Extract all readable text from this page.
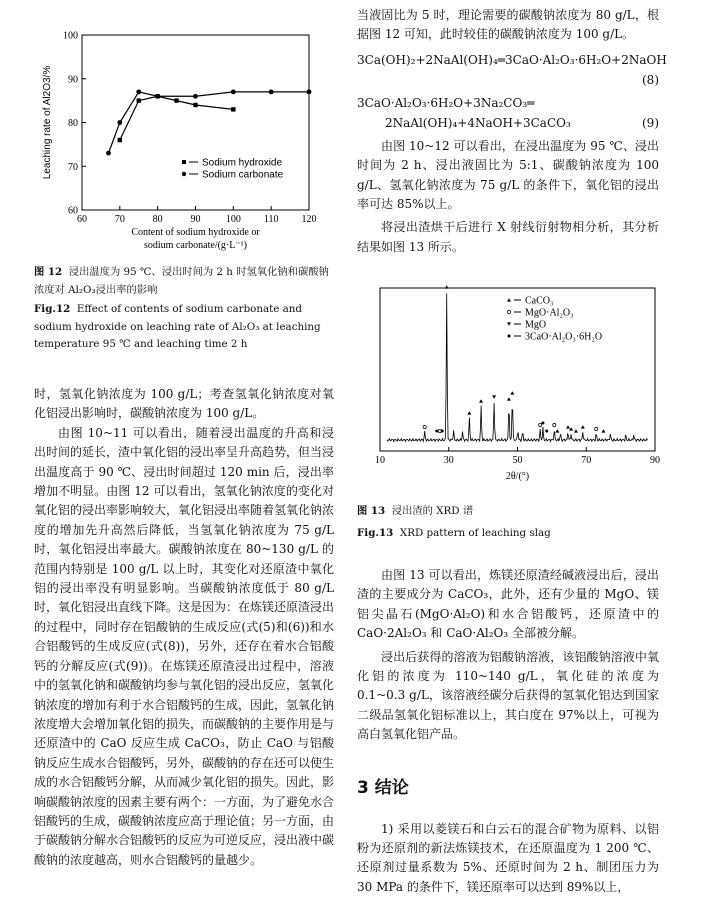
60	70	80	90	100 110 120
60
70
80
90
100
Sodium hydroxide
Sodium carbonate
Leaching rate of Al2O3/%
Content of sodium hydroxide or
sodium carbonate/(g·L⁻¹)

图 12 浸出温度为 95 ℃、浸出时间为 2 h 时氢氧化钠和碳酸钠浓度对 Al₂O₃浸出率的影响

Fig.12 Effect of contents of sodium carbonate and sodium hydroxide on leaching rate of Al₂O₃ at leaching temperature 95 ℃ and leaching time 2 h

时，氢氧化钠浓度为 100 g/L；考查氢氧化钠浓度对氧化铝浸出影响时，碳酸钠浓度为 100 g/L。

由图 10~11 可以看出，随着浸出温度的升高和浸出时间的延长，渣中氧化铝的浸出率呈升高趋势，但当浸出温度高于 90 ℃、浸出时间超过 120 min 后，浸出率增加不明显。由图 12 可以看出，氢氧化钠浓度的变化对氧化铝的浸出率影响较大，氧化铝浸出率随着氢氧化钠浓度的增加先升高然后降低，当氢氧化钠浓度为 75 g/L 时，氧化铝浸出率最大。碳酸钠浓度在 80~130 g/L 的范围内特别是 100 g/L 以上时，其变化对还原渣中氧化铝的浸出率没有明显影响。当碳酸钠浓度低于 80 g/L 时，氧化铝浸出直线下降。这是因为：在炼镁还原渣浸出的过程中，同时存在铝酸钠的生成反应(式(5)和(6))和水合铝酸钙的生成反应(式(8))，另外，还存在着水合铝酸钙的分解反应(式(9))。在炼镁还原渣浸出过程中，溶液中的氢氧化钠和碳酸钠均参与氧化铝的浸出反应，氢氧化钠浓度的增加有利于水合铝酸钙的生成，因此，氢氧化钠浓度增大会增加氧化铝的损失，而碳酸钠的主要作用是与还原渣中的 CaO 反应生成 CaCO₃，防止 CaO 与铝酸钠反应生成水合铝酸钙，另外，碳酸钠的存在还可以使生成的水合铝酸钙分解，从而减少氧化铝的损失。因此，影响碳酸钠浓度的因素主要有两个：一方面，为了避免水合铝酸钙的生成，碳酸钠浓度应高于理论值；另一方面，由于碳酸钠分解水合铝酸钙的反应为可逆反应，浸出液中碳酸钠的浓度越高，则水合铝酸钙的量越少。

当液固比为 5 时，理论需要的碳酸钠浓度为 80 g/L，根据图 12 可知，此时较佳的碳酸钠浓度为 100 g/L。

3Ca(OH)₂+2NaAl(OH)₄═3CaO·Al₂O₃·6H₂O+2NaOH

(8)

3CaO·Al₂O₃·6H₂O+3Na₂CO₃═

2NaAl(OH)₄+4NaOH+3CaCO₃	(9)

由图 10~12 可以看出，在浸出温度为 95 ℃、浸出时间为 2 h、浸出液固比为 5:1、碳酸钠浓度为 100 g/L、氢氧化钠浓度为 75 g/L 的条件下，氧化铝的浸出率可达 85%以上。

将浸出渣烘干后进行 X 射线衍射物相分析，其分析结果如图 13 所示。

10	30	50	70	90
2θ/(°)
CaCO₃
MgO·Al₂O₃
MgO
3CaO·Al₂O₃·6H₂O

图 13 浸出渣的 XRD 谱

Fig.13 XRD pattern of leaching slag

由图 13 可以看出，炼镁还原渣经碱液浸出后，浸出渣的主要成分为 CaCO₃，此外，还有少量的 MgO、镁铝尖晶石(MgO·Al₂O)和水合铝酸钙，还原渣中的 CaO·2Al₂O₃ 和 CaO·Al₂O₃ 全部被分解。

浸出后获得的溶液为铝酸钠溶液，该铝酸钠溶液中氧化铝的浓度为 110~140 g/L，氧化硅的浓度为 0.1~0.3 g/L，该溶液经碳分后获得的氢氧化铝达到国家二级品氢氧化铝标准以上，其白度在 97%以上，可视为高白氢氧化铝产品。

3 结论

1) 采用以菱镁石和白云石的混合矿物为原料、以铝粉为还原剂的新法炼镁技术，在还原温度为 1 200 ℃、还原剂过量系数为 5%、还原时间为 2 h、制团压力为 30 MPa 的条件下，镁还原率可以达到 89%以上，
